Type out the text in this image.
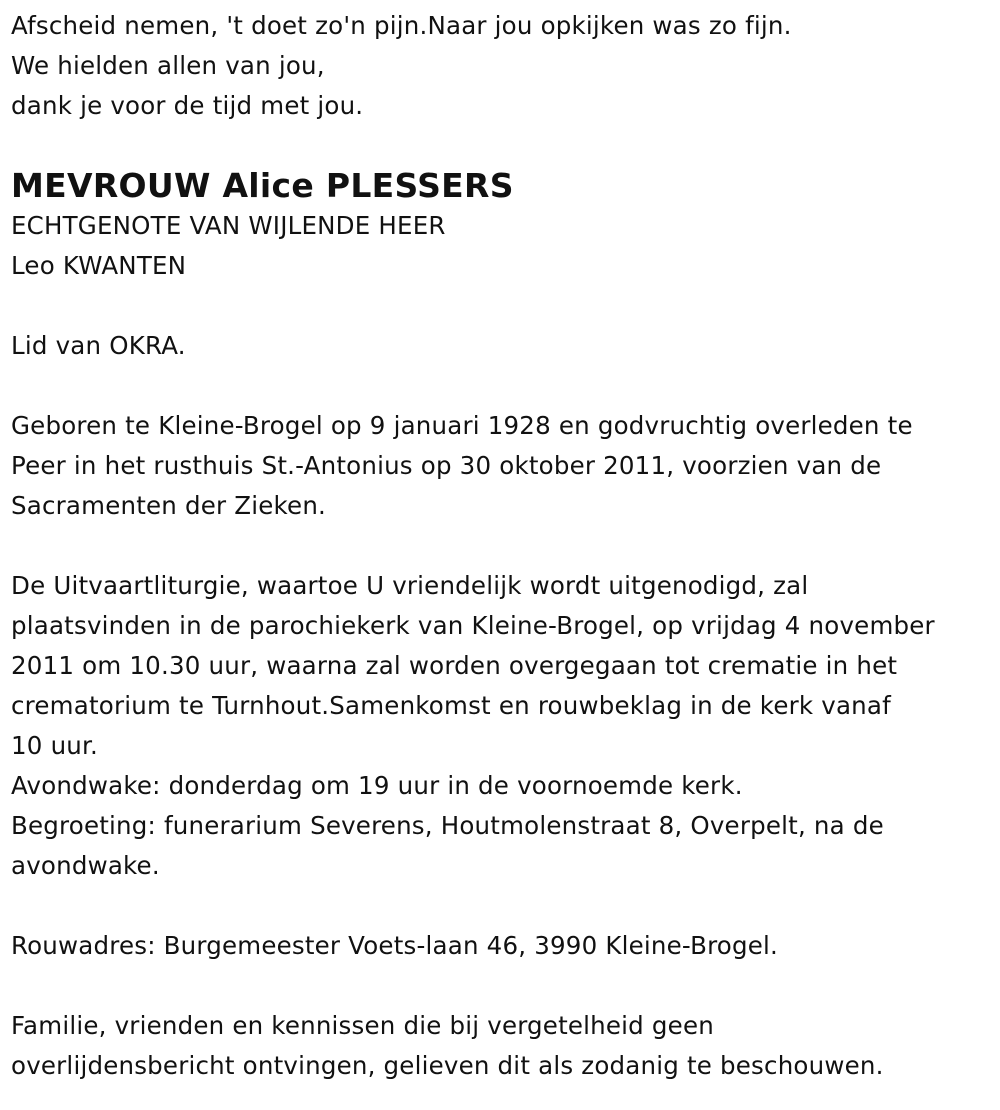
Afscheid nemen, 't doet zo'n pijn.Naar jou opkijken was zo fijn.
We hielden allen van jou,
dank je voor de tijd met jou.
MEVROUW Alice PLESSERS
ECHTGENOTE VAN WIJLENDE HEER
Leo KWANTEN
Lid van OKRA.
Geboren te Kleine-Brogel op 9 januari 1928 en godvruchtig overleden te
Peer in het rusthuis St.-Antonius op 30 oktober 2011, voorzien van de
Sacramenten der Zieken.
De Uitvaartliturgie, waartoe U vriendelijk wordt uitgenodigd, zal
plaatsvinden in de parochiekerk van Kleine-Brogel, op vrijdag 4 november
2011 om 10.30 uur, waarna zal worden overgegaan tot crematie in het
crematorium te Turnhout.Samenkomst en rouwbeklag in de kerk vanaf
10 uur.
Avondwake: donderdag om 19 uur in de voornoemde kerk.
Begroeting: funerarium Severens, Houtmolenstraat 8, Overpelt, na de
avondwake.
Rouwadres: Burgemeester Voets-laan 46, 3990 Kleine-Brogel.
Familie, vrienden en kennissen die bij vergetelheid geen
overlijdensbericht ontvingen, gelieven dit als zodanig te beschouwen.
